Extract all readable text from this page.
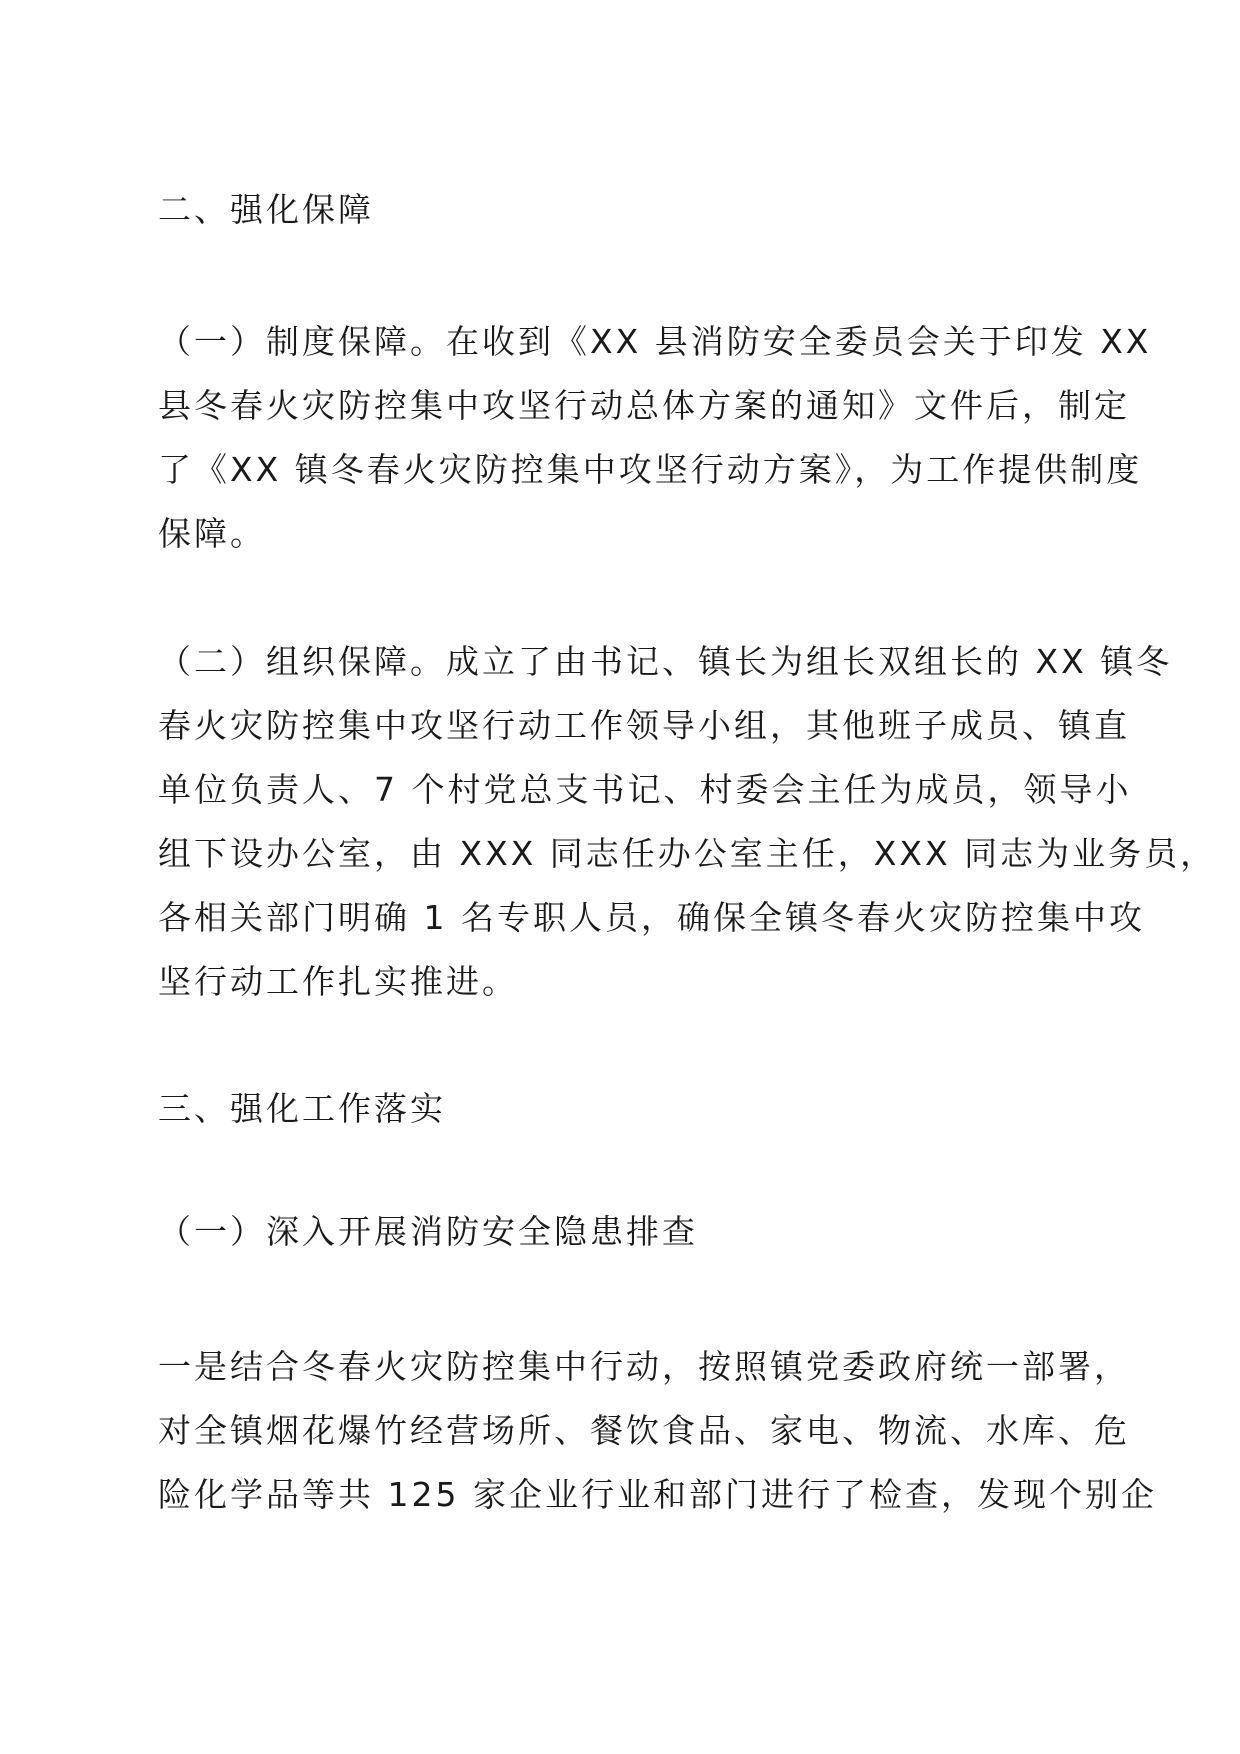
二、强化保障

（一）制度保障。在收到《XX 县消防安全委员会关于印发 XX
县冬春火灾防控集中攻坚行动总体方案的通知》文件后，制定
了《XX 镇冬春火灾防控集中攻坚行动方案》，为工作提供制度
保障。

（二）组织保障。成立了由书记、镇长为组长双组长的 XX 镇冬
春火灾防控集中攻坚行动工作领导小组，其他班子成员、镇直
单位负责人、7 个村党总支书记、村委会主任为成员，领导小
组下设办公室，由 XXX 同志任办公室主任，XXX 同志为业务员，
各相关部门明确 1 名专职人员，确保全镇冬春火灾防控集中攻
坚行动工作扎实推进。

三、强化工作落实

（一）深入开展消防安全隐患排查

一是结合冬春火灾防控集中行动，按照镇党委政府统一部署，
对全镇烟花爆竹经营场所、餐饮食品、家电、物流、水库、危
险化学品等共 125 家企业行业和部门进行了检查，发现个别企
